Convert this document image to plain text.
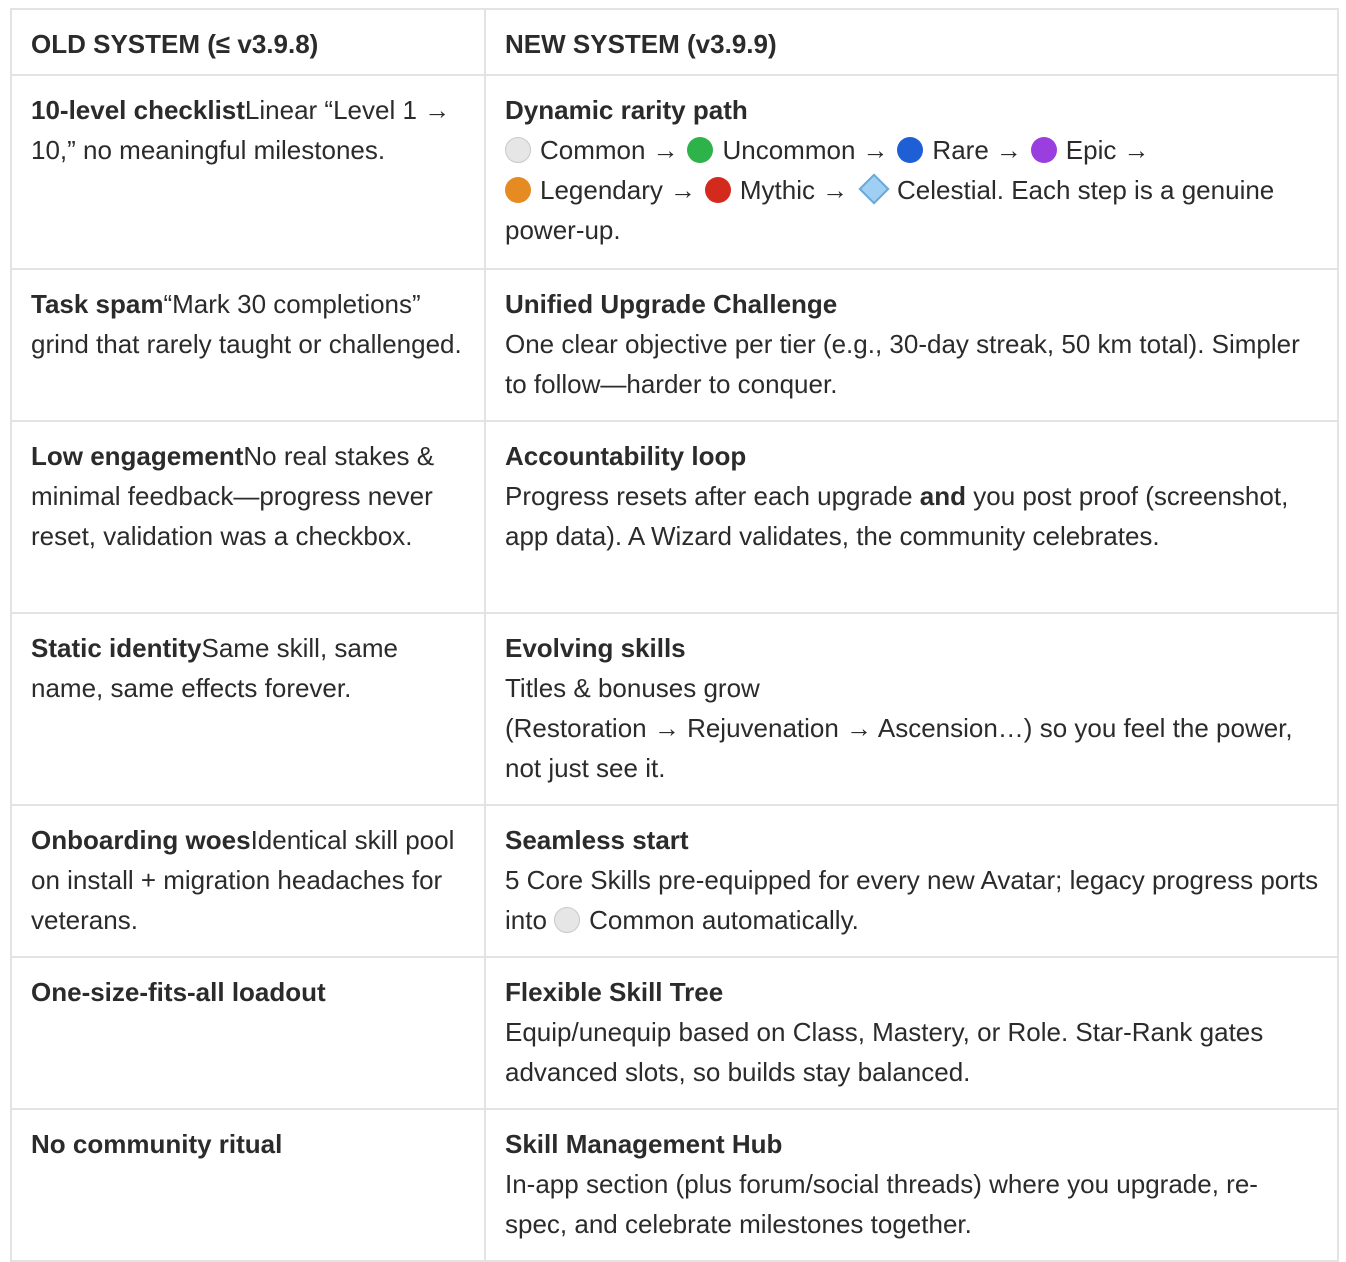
OLD SYSTEM (≤ v3.9.8)	NEW SYSTEM (v3.9.9)
10-level checklistLinear “Level 1 → 10,” no meaningful milestones.	Dynamic rarity path
Common → Uncommon → Rare → Epic →
Legendary → Mythic → Celestial. Each step is a genuine power-up.
Task spam“Mark 30 completions” grind that rarely taught or challenged.	Unified Upgrade Challenge
One clear objective per tier (e.g., 30-day streak, 50 km total). Simpler to follow—harder to conquer.
Low engagementNo real stakes & minimal feedback—progress never reset, validation was a checkbox.	Accountability loop
Progress resets after each upgrade and you post proof (screenshot, app data). A Wizard validates, the community celebrates.
Static identitySame skill, same name, same effects forever.	Evolving skills
Titles & bonuses grow
(Restoration → Rejuvenation → Ascension…) so you feel the power, not just see it.
Onboarding woesIdentical skill pool on install + migration headaches for veterans.	Seamless start
5 Core Skills pre-equipped for every new Avatar; legacy progress ports into Common automatically.
One-size-fits-all loadout	Flexible Skill Tree
Equip/unequip based on Class, Mastery, or Role. Star-Rank gates advanced slots, so builds stay balanced.
No community ritual	Skill Management Hub
In-app section (plus forum/social threads) where you upgrade, re-spec, and celebrate milestones together.
